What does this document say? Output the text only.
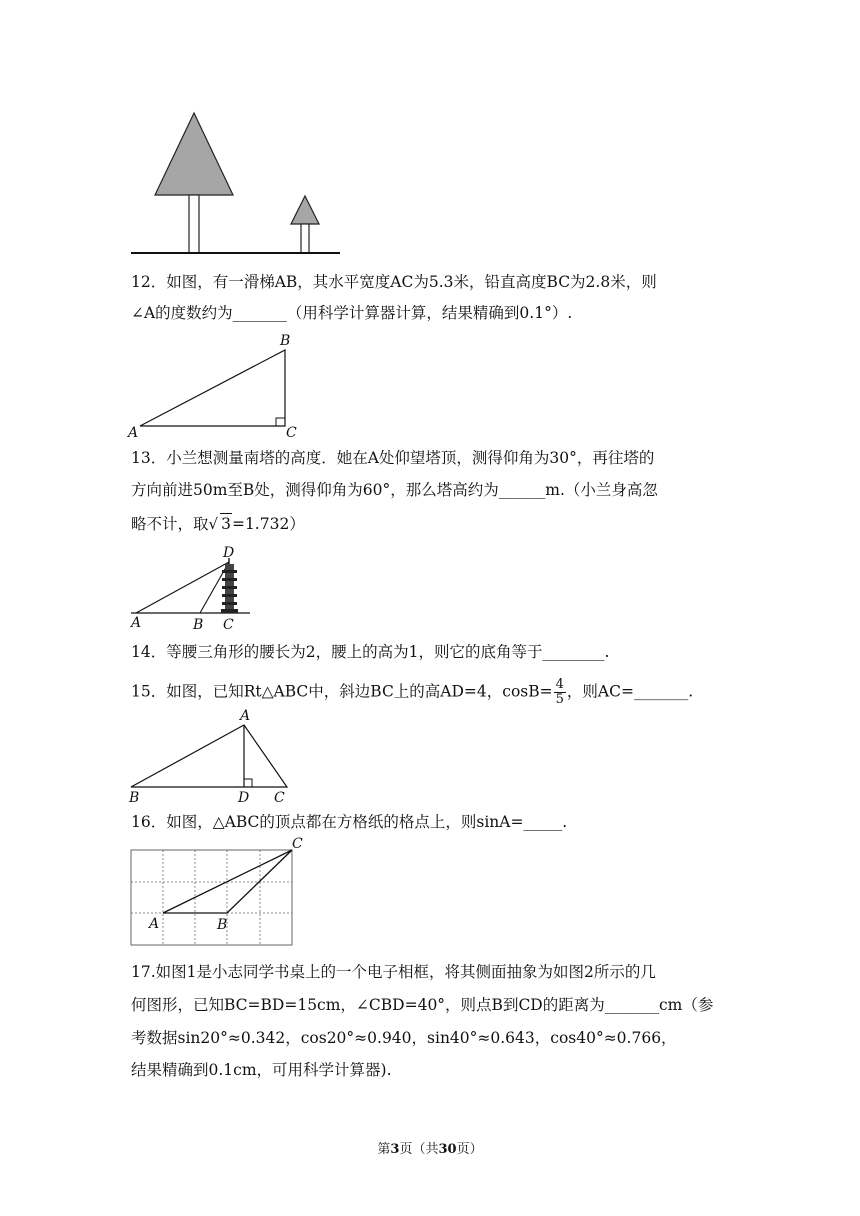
12．如图，有一滑梯AB，其水平宽度AC为5.3米，铅直高度BC为2.8米，则
∠A的度数约为_______（用科学计算器计算，结果精确到0.1°）.
A
B
C
13．小兰想测量南塔的高度．她在A处仰望塔顶，测得仰角为30°，再往塔的
方向前进50m至B处，测得仰角为60°，那么塔高约为______m.（小兰身高忽
略不计，取√ 3=1.732）
D
A	B C
14．等腰三角形的腰长为2，腰上的高为1，则它的底角等于________.
15．如图，已知Rt△ABC中，斜边BC上的高AD=4，$\cos B= \frac{4}{5}$ ，则AC=_______.
A
B	D C
16．如图，△ABC的顶点都在方格纸的格点上，则sinA=_____.
A	B
C
17.如图1是小志同学书桌上的一个电子相框，将其侧面抽象为如图2所示的几
何图形，已知BC=BD=15cm，∠CBD=40°，则点B到CD的距离为_______cm（参
考数据sin20°≈0.342，cos20°≈0.940，sin40°≈0.643，cos40°≈0.766，
结果精确到0.1cm，可用科学计算器).
第3页（共30页）
